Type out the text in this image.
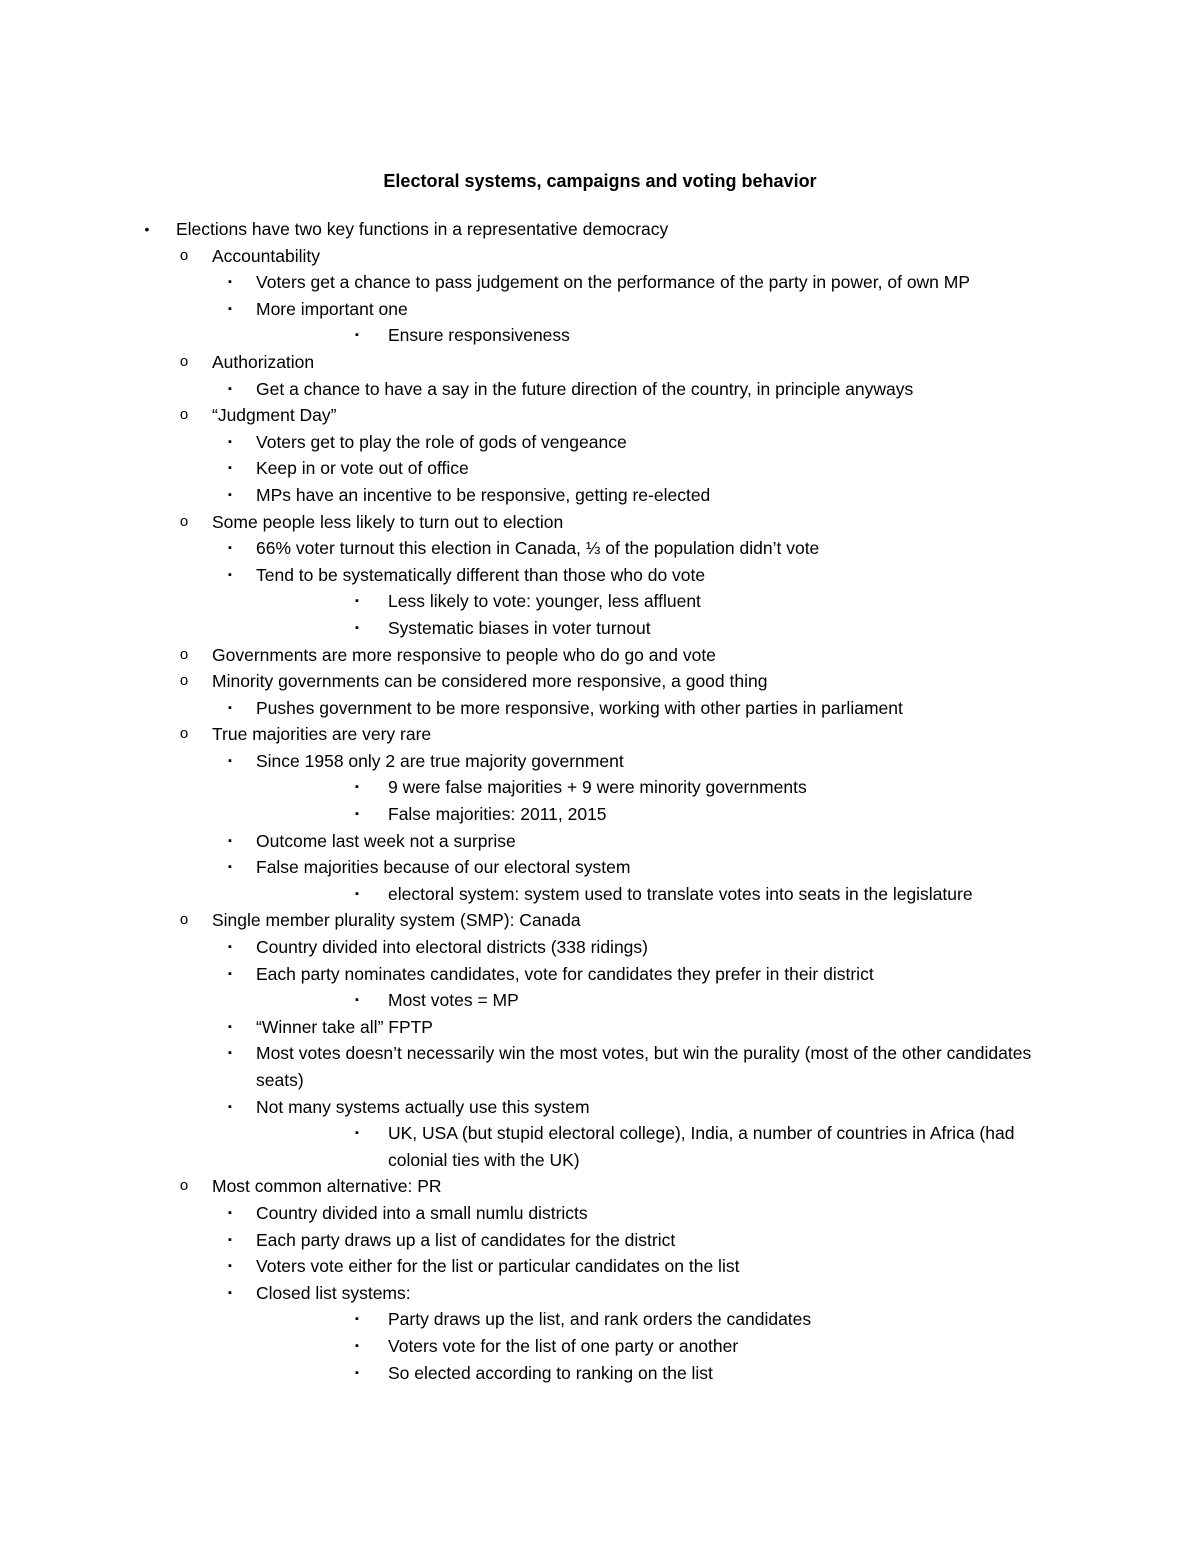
Electoral systems, campaigns and voting behavior
• Elections have two key functions in a representative democracy
o Accountability
▪ Voters get a chance to pass judgement on the performance of the party in power, of own MP
▪ More important one
▪ Ensure responsiveness
o Authorization
▪ Get a chance to have a say in the future direction of the country, in principle anyways
o “Judgment Day”
▪ Voters get to play the role of gods of vengeance
▪ Keep in or vote out of office
▪ MPs have an incentive to be responsive, getting re-elected
o Some people less likely to turn out to election
▪ 66% voter turnout this election in Canada, ⅓ of the population didn’t vote
▪ Tend to be systematically different than those who do vote
▪ Less likely to vote: younger, less affluent
▪ Systematic biases in voter turnout
o Governments are more responsive to people who do go and vote
o Minority governments can be considered more responsive, a good thing
▪ Pushes government to be more responsive, working with other parties in parliament
o True majorities are very rare
▪ Since 1958 only 2 are true majority government
▪ 9 were false majorities + 9 were minority governments
▪ False majorities: 2011, 2015
▪ Outcome last week not a surprise
▪ False majorities because of our electoral system
▪ electoral system: system used to translate votes into seats in the legislature
o Single member plurality system (SMP): Canada
▪ Country divided into electoral districts (338 ridings)
▪ Each party nominates candidates, vote for candidates they prefer in their district
▪ Most votes = MP
▪ “Winner take all” FPTP
▪ Most votes doesn’t necessarily win the most votes, but win the purality (most of the other candidates seats)
▪ Not many systems actually use this system
▪ UK, USA (but stupid electoral college), India, a number of countries in Africa (had colonial ties with the UK)
o Most common alternative: PR
▪ Country divided into a small numlu districts
▪ Each party draws up a list of candidates for the district
▪ Voters vote either for the list or particular candidates on the list
▪ Closed list systems:
▪ Party draws up the list, and rank orders the candidates
▪ Voters vote for the list of one party or another
▪ So elected according to ranking on the list
